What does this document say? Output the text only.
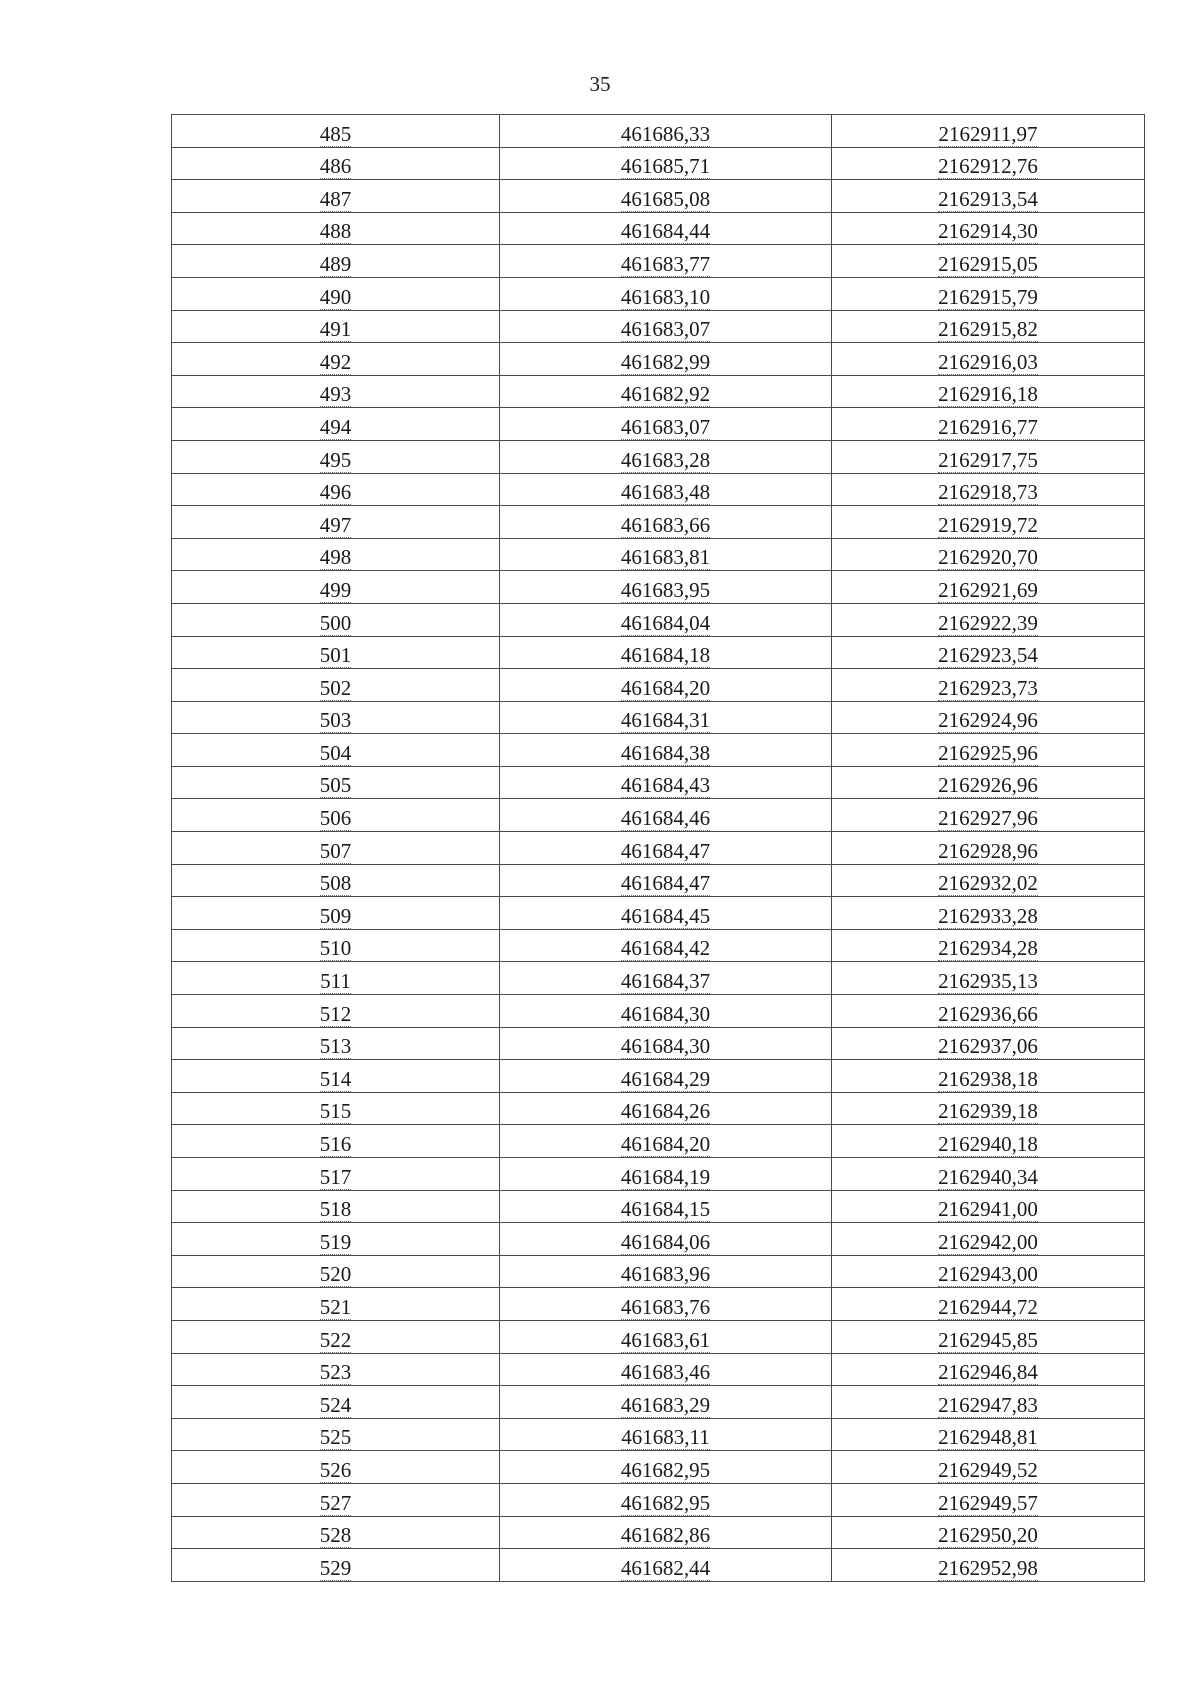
35
485	461686,33	2162911,97
486	461685,71	2162912,76
487	461685,08	2162913,54
488	461684,44	2162914,30
489	461683,77	2162915,05
490	461683,10	2162915,79
491	461683,07	2162915,82
492	461682,99	2162916,03
493	461682,92	2162916,18
494	461683,07	2162916,77
495	461683,28	2162917,75
496	461683,48	2162918,73
497	461683,66	2162919,72
498	461683,81	2162920,70
499	461683,95	2162921,69
500	461684,04	2162922,39
501	461684,18	2162923,54
502	461684,20	2162923,73
503	461684,31	2162924,96
504	461684,38	2162925,96
505	461684,43	2162926,96
506	461684,46	2162927,96
507	461684,47	2162928,96
508	461684,47	2162932,02
509	461684,45	2162933,28
510	461684,42	2162934,28
511	461684,37	2162935,13
512	461684,30	2162936,66
513	461684,30	2162937,06
514	461684,29	2162938,18
515	461684,26	2162939,18
516	461684,20	2162940,18
517	461684,19	2162940,34
518	461684,15	2162941,00
519	461684,06	2162942,00
520	461683,96	2162943,00
521	461683,76	2162944,72
522	461683,61	2162945,85
523	461683,46	2162946,84
524	461683,29	2162947,83
525	461683,11	2162948,81
526	461682,95	2162949,52
527	461682,95	2162949,57
528	461682,86	2162950,20
529	461682,44	2162952,98
